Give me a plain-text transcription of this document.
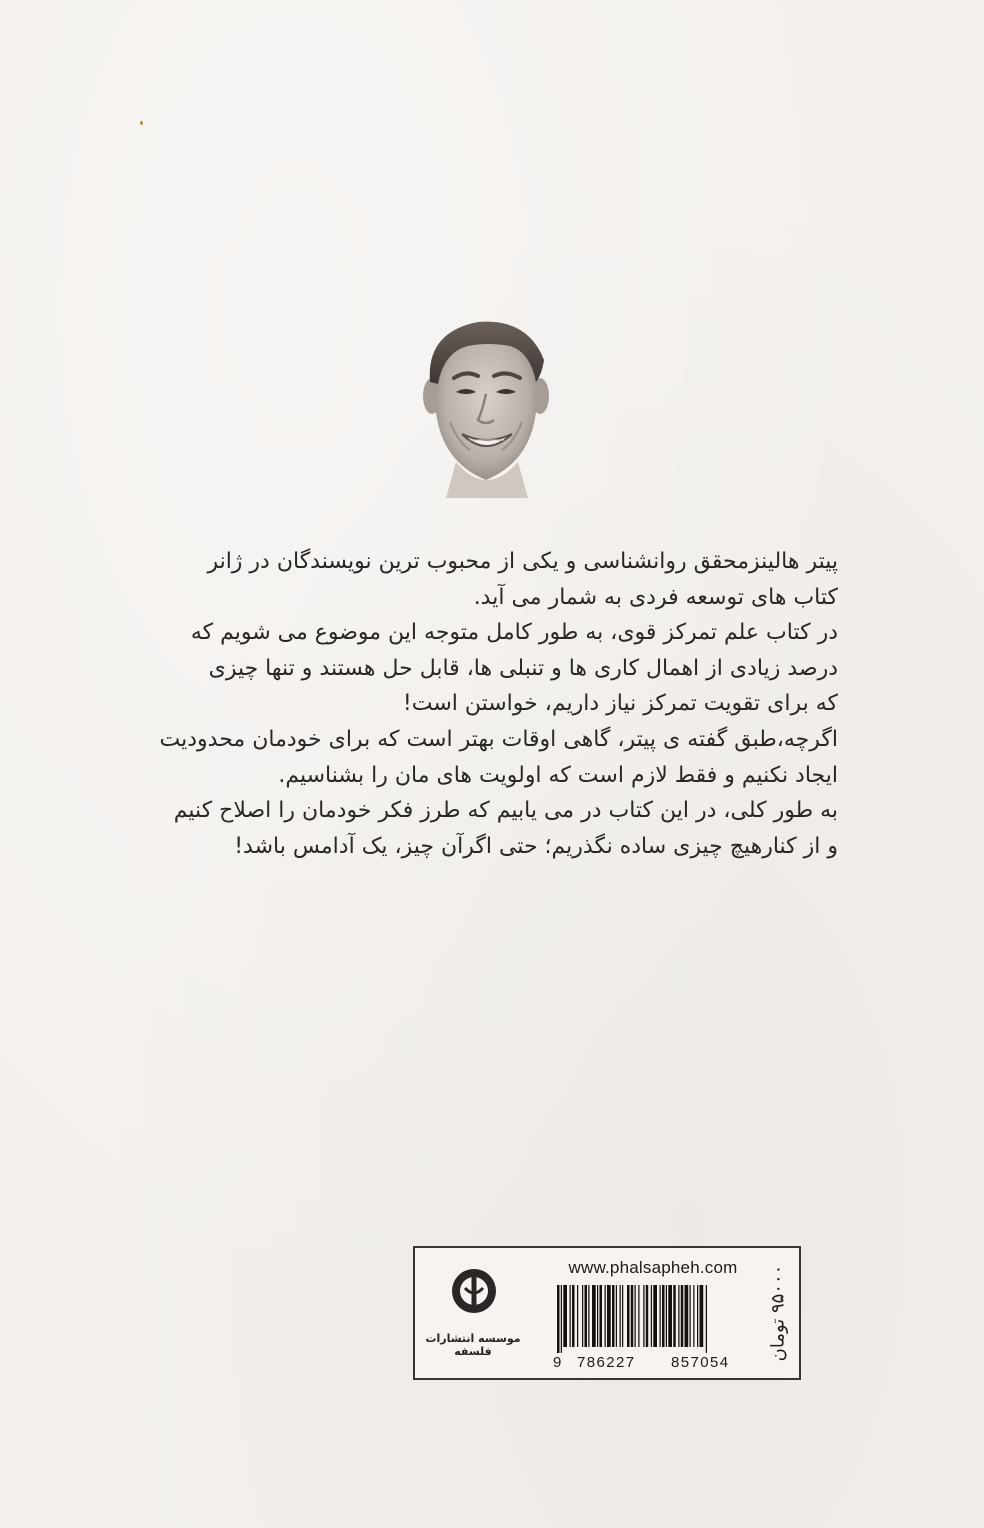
پیتر هالینزمحقق روانشناسی و یکی از محبوب ترین نویسندگان در ژانر

کتاب های توسعه فردی به شمار می آید.

در کتاب علم تمرکز قوی، به طور کامل متوجه این موضوع می شویم که

درصد زیادی از اهمال کاری ها و تنبلی ها، قابل حل هستند و تنها چیزی

که برای تقویت تمرکز نیاز داریم، خواستن است!

اگرچه،طبق گفته ی پیتر، گاهی اوقات بهتر است که برای خودمان محدودیت

ایجاد نکنیم و فقط لازم است که اولویت های مان را بشناسیم.

به طور کلی، در این کتاب در می یابیم که طرز فکر خودمان را اصلاح کنیم

و از کنارهیچ چیزی ساده نگذریم؛ حتی اگرآن چیز، یک آدامس باشد!

موسسه انتشارات فلسفه
www.phalsapheh.com
9 786227 857054
۹۵۰۰۰ تومان
